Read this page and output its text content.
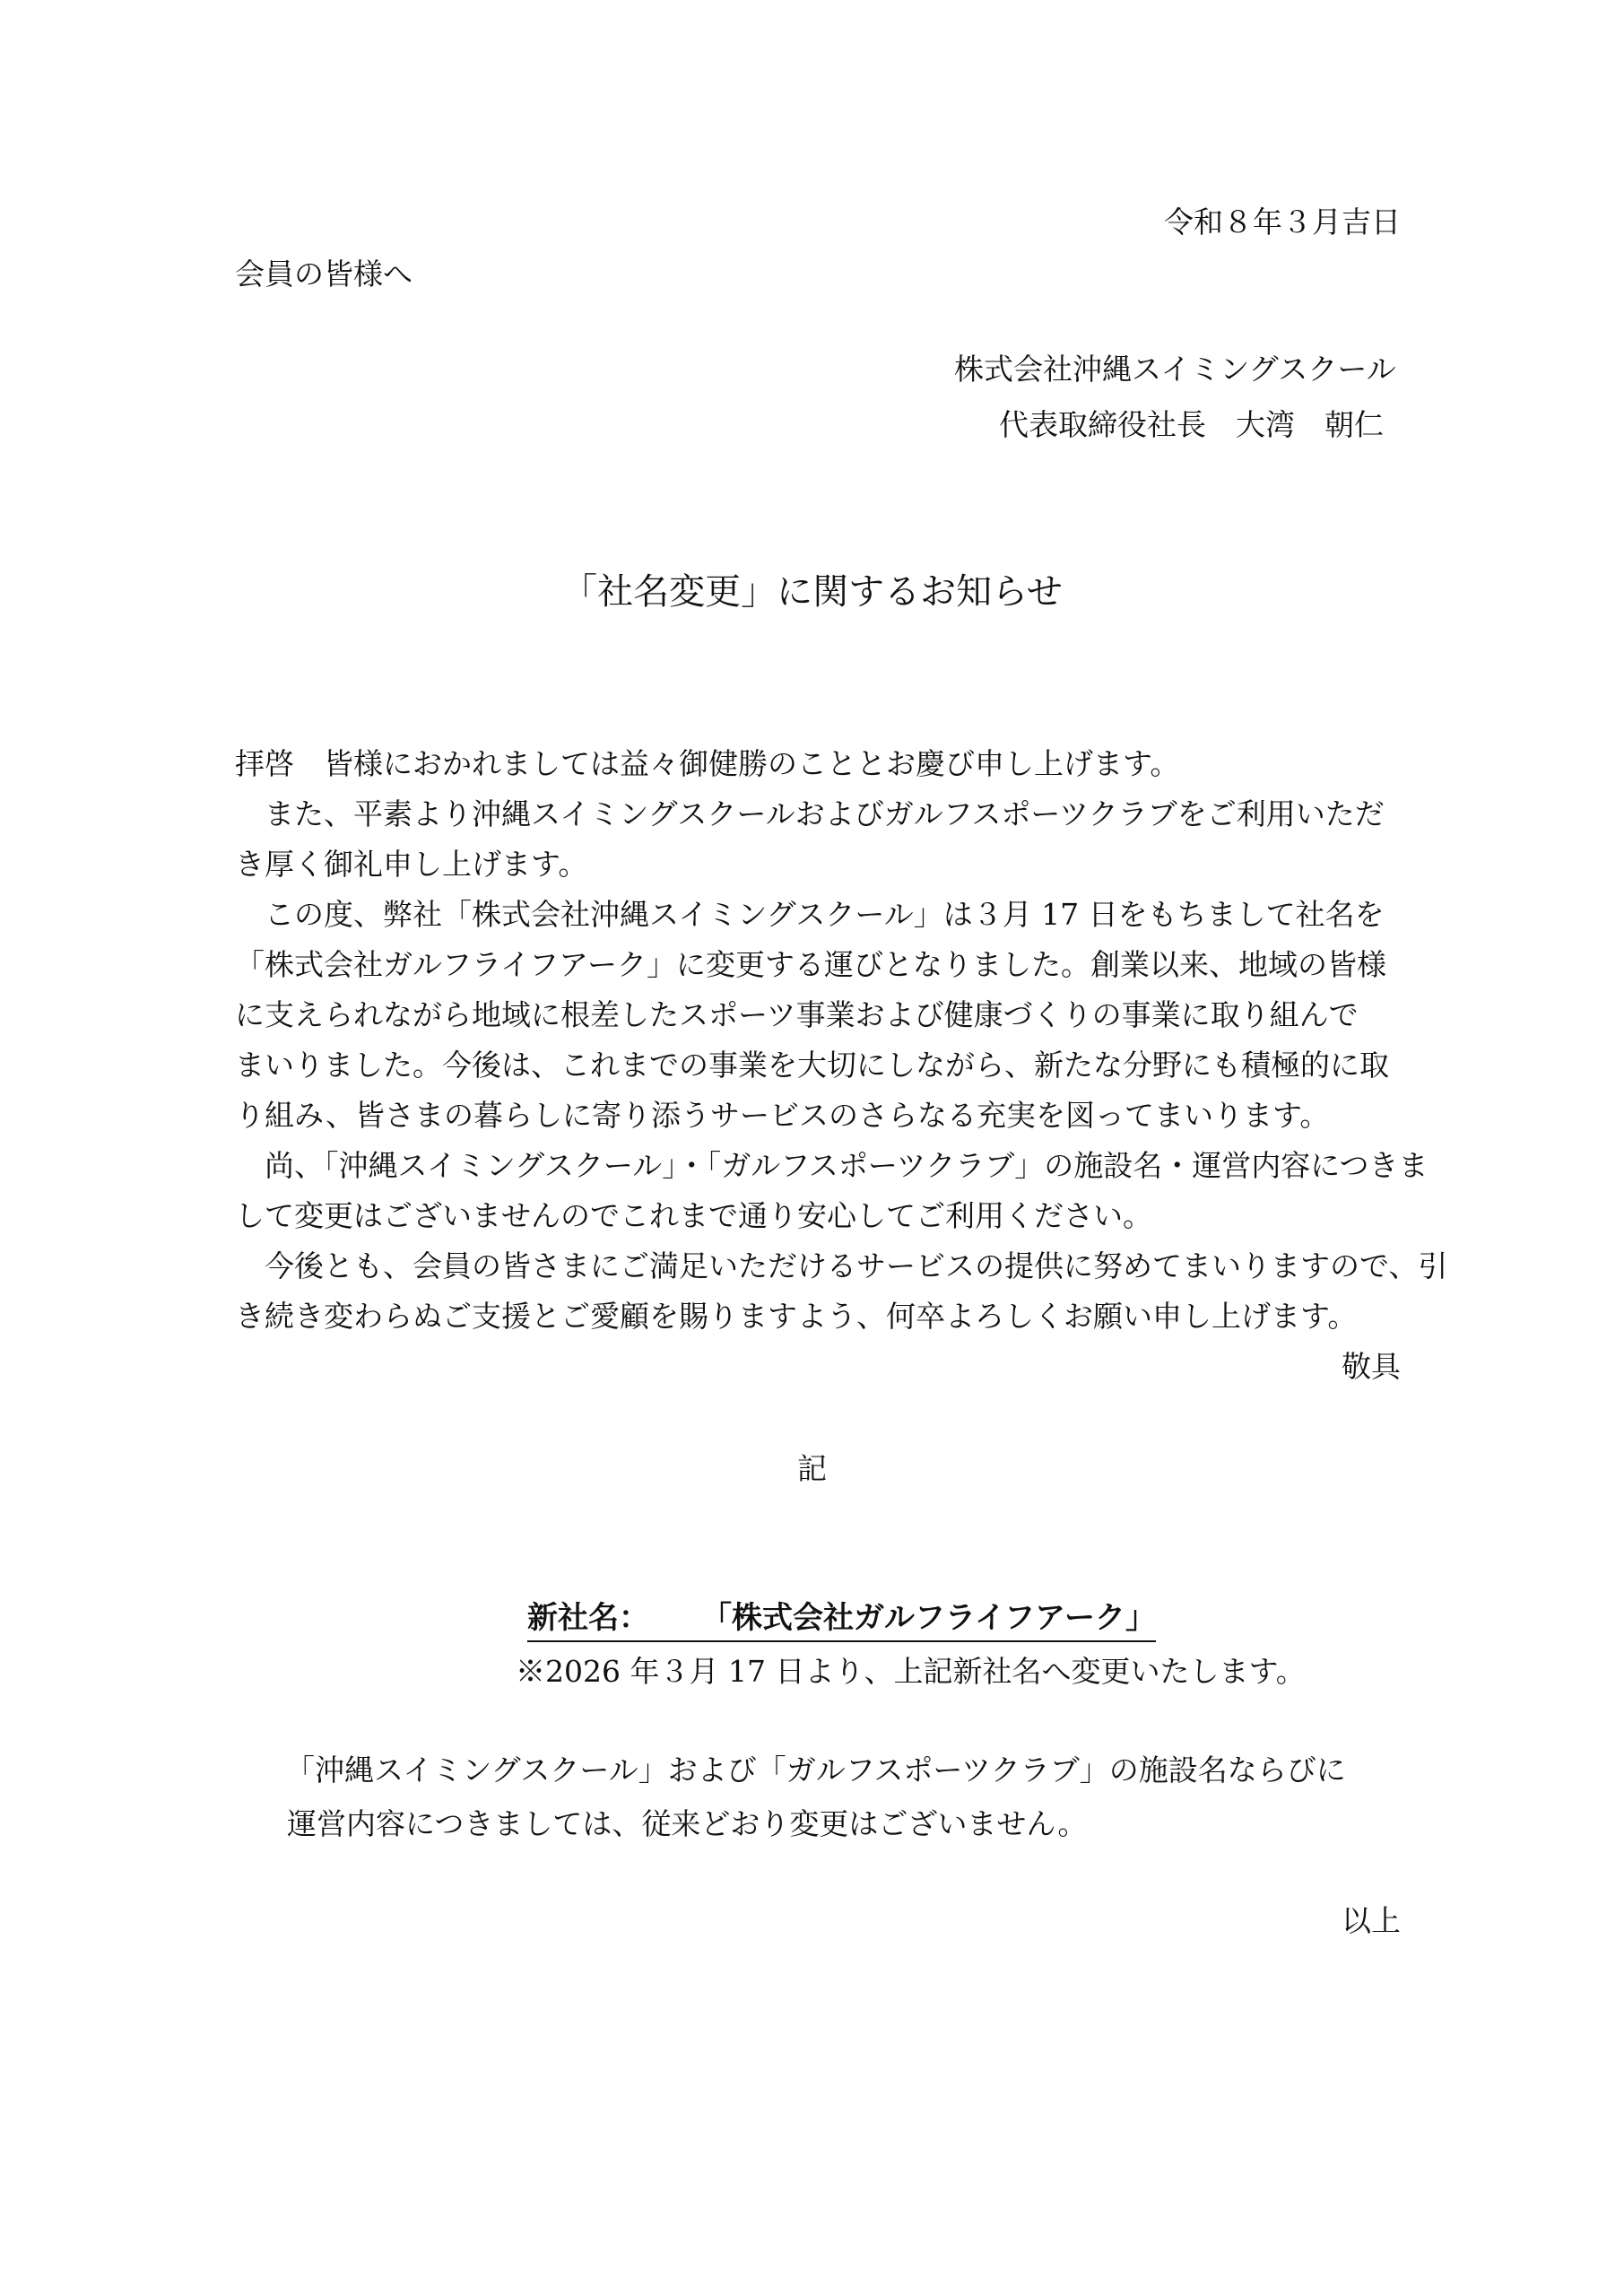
令和８年３月吉日
会員の皆様へ
株式会社沖縄スイミングスクール
代表取締役社長　大湾　朝仁
「社名変更」に関するお知らせ
拝啓　皆様におかれましては益々御健勝のこととお慶び申し上げます。
　また、平素より沖縄スイミングスクールおよびガルフスポーツクラブをご利用いただ
き厚く御礼申し上げます。
　この度、弊社「株式会社沖縄スイミングスクール」は３月 17 日をもちまして社名を
「株式会社ガルフライフアーク」に変更する運びとなりました。創業以来、地域の皆様
に支えられながら地域に根差したスポーツ事業および健康づくりの事業に取り組んで
まいりました。今後は、これまでの事業を大切にしながら、新たな分野にも積極的に取
り組み、皆さまの暮らしに寄り添うサービスのさらなる充実を図ってまいります。
　尚、「沖縄スイミングスクール」・「ガルフスポーツクラブ」の施設名・運営内容につきま
して変更はございませんのでこれまで通り安心してご利用ください。
　今後とも、会員の皆さまにご満足いただけるサービスの提供に努めてまいりますので、引
き続き変わらぬご支援とご愛顧を賜りますよう、何卒よろしくお願い申し上げます。
敬具
記
新社名： 「株式会社ガルフライフアーク」
※2026 年３月 17 日より、上記新社名へ変更いたします。
「沖縄スイミングスクール」および「ガルフスポーツクラブ」の施設名ならびに
運営内容につきましては、従来どおり変更はございません。
以上
